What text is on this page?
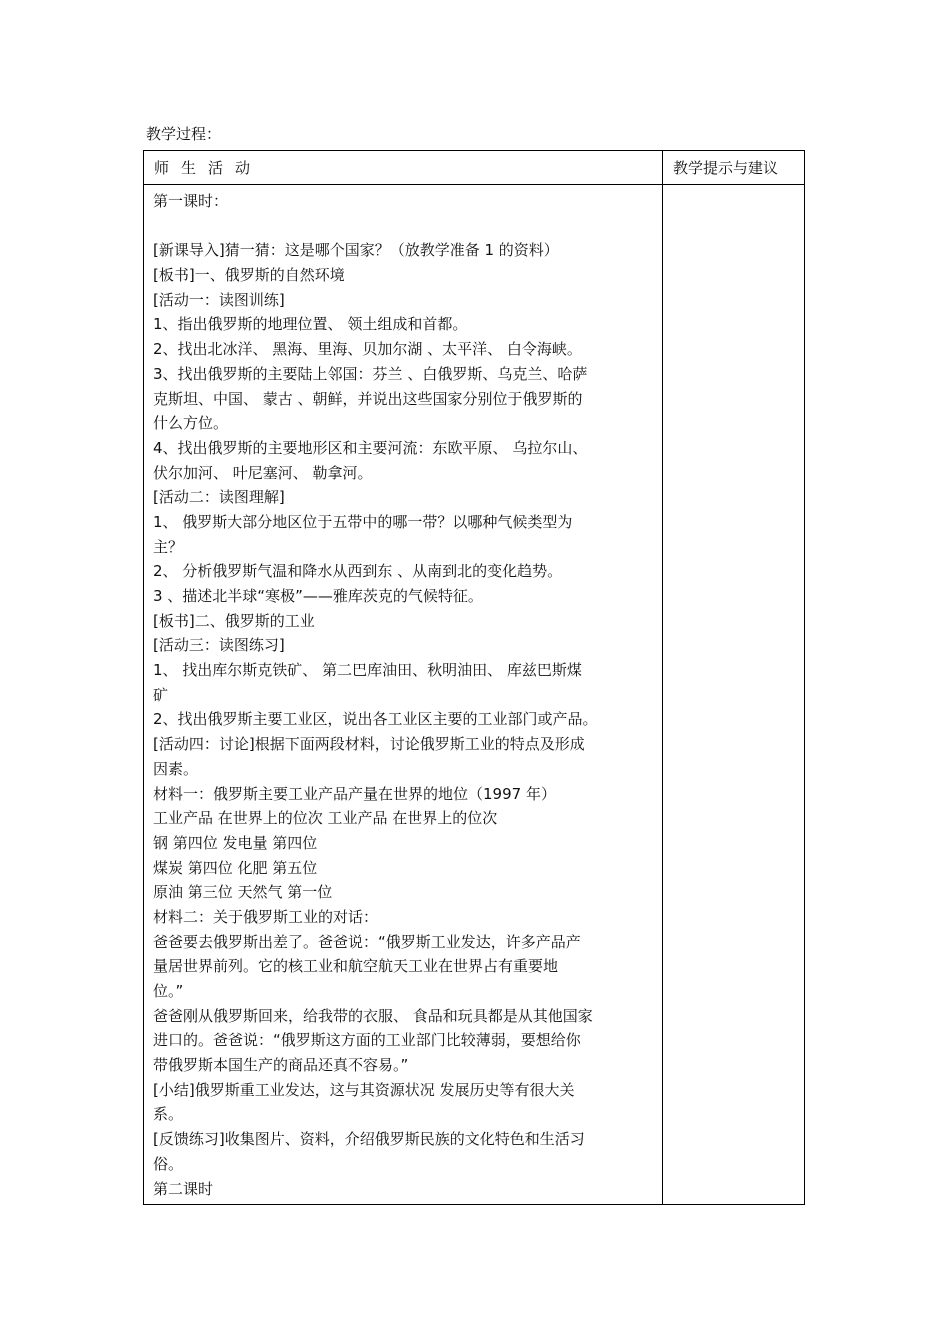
教学过程：
师生活动	教学提示与建议
第一课时：
[新课导入]猜一猜：这是哪个国家？（放教学准备 1 的资料）
[板书]一、俄罗斯的自然环境
[活动一：读图训练]
1、指出俄罗斯的地理位置、 领土组成和首都。
2、找出北冰洋、 黑海、里海、贝加尔湖 、太平洋、 白令海峡。
3、找出俄罗斯的主要陆上邻国：芬兰 、白俄罗斯、乌克兰、哈萨
克斯坦、中国、 蒙古 、朝鲜，并说出这些国家分别位于俄罗斯的
什么方位。
4、找出俄罗斯的主要地形区和主要河流：东欧平原、 乌拉尔山、
伏尔加河、 叶尼塞河、 勒拿河。
[活动二：读图理解]
1、 俄罗斯大部分地区位于五带中的哪一带？以哪种气候类型为
主？
2、 分析俄罗斯气温和降水从西到东 、从南到北的变化趋势。
3 、描述北半球“寒极”——雅库茨克的气候特征。
[板书]二、俄罗斯的工业
[活动三：读图练习]
1、 找出库尔斯克铁矿、 第二巴库油田、秋明油田、 库兹巴斯煤
矿
2、找出俄罗斯主要工业区，说出各工业区主要的工业部门或产品。
[活动四：讨论]根据下面两段材料，讨论俄罗斯工业的特点及形成
因素。
材料一：俄罗斯主要工业产品产量在世界的地位（1997 年）
工业产品 在世界上的位次 工业产品 在世界上的位次
钢 第四位 发电量 第四位
煤炭 第四位 化肥 第五位
原油 第三位 天然气 第一位
材料二：关于俄罗斯工业的对话：
爸爸要去俄罗斯出差了。爸爸说：“俄罗斯工业发达，许多产品产
量居世界前列。它的核工业和航空航天工业在世界占有重要地
位。”
爸爸刚从俄罗斯回来，给我带的衣服、 食品和玩具都是从其他国家
进口的。爸爸说：“俄罗斯这方面的工业部门比较薄弱，要想给你
带俄罗斯本国生产的商品还真不容易。”
[小结]俄罗斯重工业发达，这与其资源状况 发展历史等有很大关
系。
[反馈练习]收集图片、资料，介绍俄罗斯民族的文化特色和生活习
俗。
第二课时
